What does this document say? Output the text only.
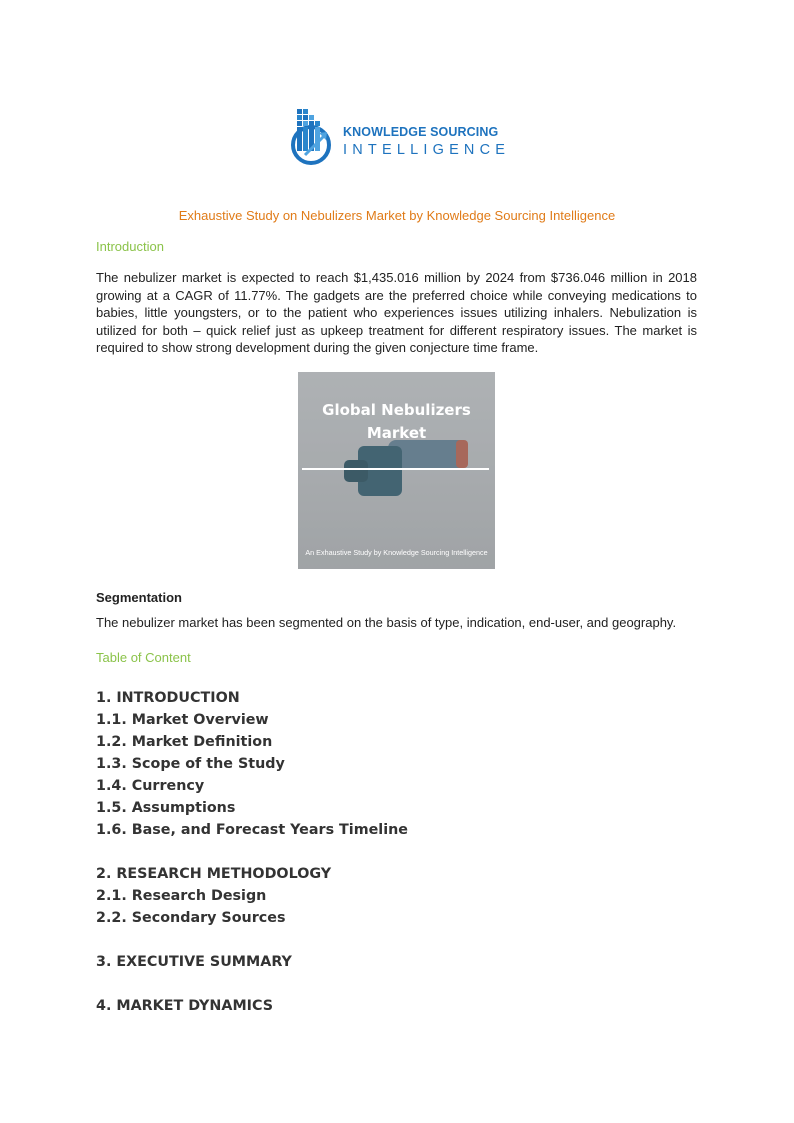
KNOWLEDGE SOURCING
INTELLIGENCE
Exhaustive Study on Nebulizers Market by Knowledge Sourcing Intelligence
Introduction
The nebulizer market is expected to reach $1,435.016 million by 2024 from $736.046 million in 2018 growing at a CAGR of 11.77%. The gadgets are the preferred choice while conveying medications to babies, little youngsters, or to the patient who experiences issues utilizing inhalers. Nebulization is utilized for both – quick relief just as upkeep treatment for different respiratory issues. The market is required to show strong development during the given conjecture time frame.
Global Nebulizers
Market
An Exhaustive Study by Knowledge Sourcing Intelligence
Segmentation
The nebulizer market has been segmented on the basis of type, indication, end-user, and geography.
Table of Content
1. INTRODUCTION
1.1. Market Overview
1.2. Market Definition
1.3. Scope of the Study
1.4. Currency
1.5. Assumptions
1.6. Base, and Forecast Years Timeline
2. RESEARCH METHODOLOGY
2.1. Research Design
2.2. Secondary Sources
3. EXECUTIVE SUMMARY
4. MARKET DYNAMICS
